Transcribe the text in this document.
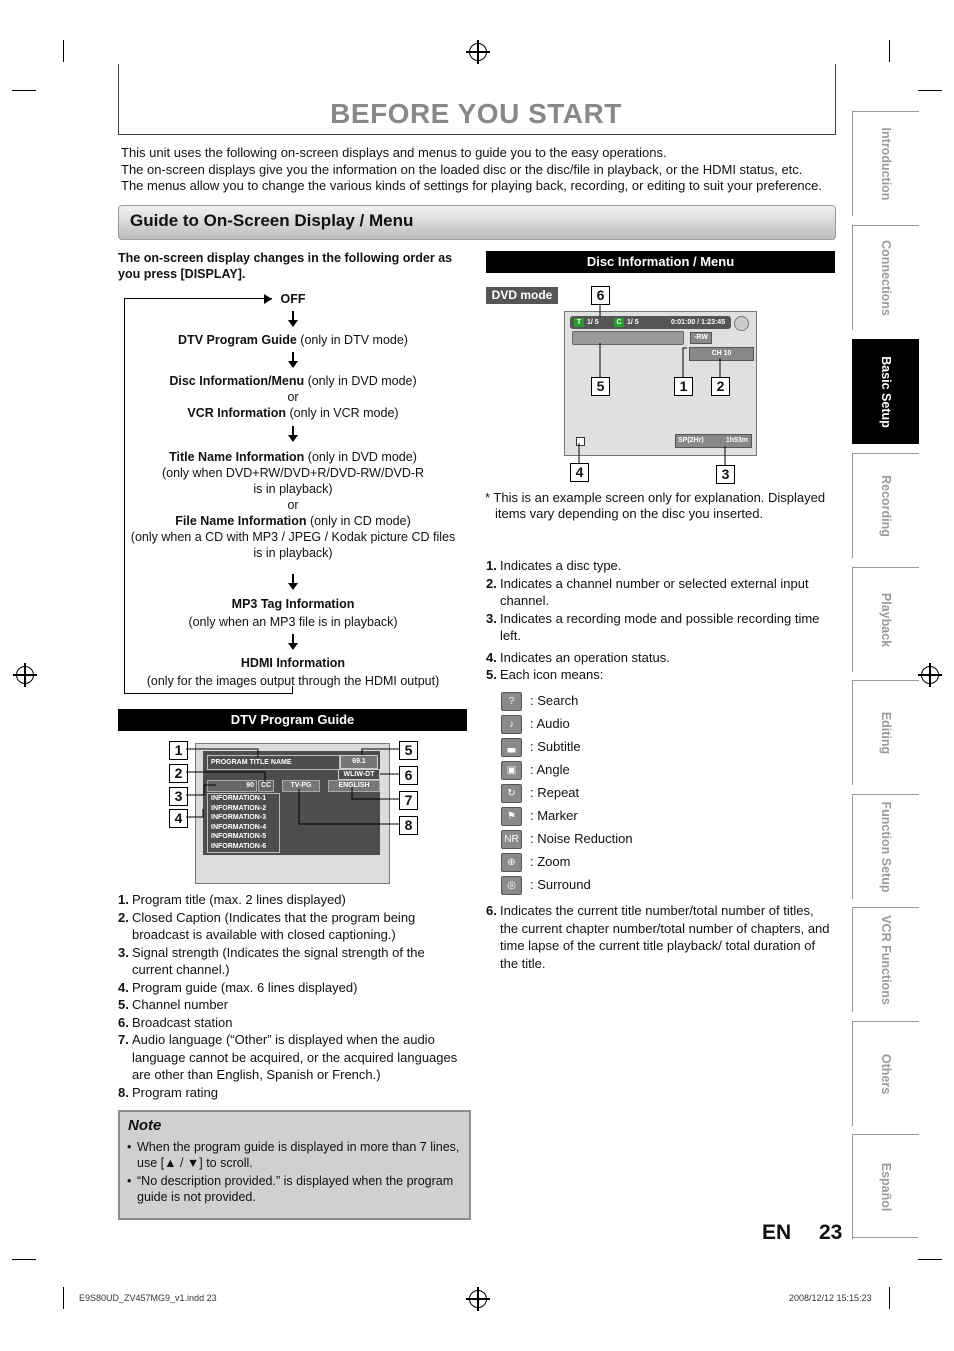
BEFORE YOU START
This unit uses the following on-screen displays and menus to guide you to the easy operations.
The on-screen displays give you the information on the loaded disc or the disc/file in playback, or the HDMI status, etc.
The menus allow you to change the various kinds of settings for playing back, recording, or editing to suit your preference.
Guide to On-Screen Display / Menu
The on-screen display changes in the following order as you press [DISPLAY].
OFF
DTV Program Guide (only in DTV mode)
Disc Information/Menu (only in DVD mode)
or
VCR Information (only in VCR mode)
Title Name Information (only in DVD mode)
(only when DVD+RW/DVD+R/DVD-RW/DVD-R
is in playback)
or
File Name Information (only in CD mode)
(only when a CD with MP3 / JPEG / Kodak picture CD files
is in playback)
MP3 Tag Information
(only when an MP3 file is in playback)
HDMI Information
(only for the images output through the HDMI output)
DTV Program Guide
PROGRAM TITLE NAME	69.1
WLIW-DT
90 CC	TV-PG	ENGLISH
INFORMATION-1
INFORMATION-2
INFORMATION-3
INFORMATION-4
INFORMATION-5
INFORMATION-6
1
2
3
4
5
6
7
8
1. Program title (max. 2 lines displayed)
2. Closed Caption (Indicates that the program being broadcast is available with closed captioning.)
3. Signal strength (Indicates the signal strength of the current channel.)
4. Program guide (max. 6 lines displayed)
5. Channel number
6. Broadcast station
7. Audio language (“Other” is displayed when the audio language cannot be acquired, or the acquired languages are other than English, Spanish or French.)
8. Program rating
Note
• When the program guide is displayed in more than 7 lines, use [▲ / ▼] to scroll.
• “No description provided.” is displayed when the program guide is not provided.
Disc Information / Menu
DVD mode
T 1/ 5	C 1/ 5	0:01:00 / 1:23:45
-RW
CH 10
SP(2Hr)	1h53m
6
5	1	2
4	3
* This is an example screen only for explanation. Displayed items vary depending on the disc you inserted.
1. Indicates a disc type.
2. Indicates a channel number or selected external input channel.
3. Indicates a recording mode and possible recording time left.
4. Indicates an operation status.
5. Each icon means:
? : Search
♪ : Audio
▃ : Subtitle
▣ : Angle
↻ : Repeat
⚑ : Marker
NR : Noise Reduction
⊕ : Zoom
◎ : Surround
6. Indicates the current title number/total number of titles, the current chapter number/total number of chapters, and time lapse of the current title playback/ total duration of the title.
Introduction
Connections
Basic Setup
Recording
Playback
Editing
Function Setup
VCR Functions
Others
Español
EN 23
E9S80UD_ZV457MG9_v1.indd 23	2008/12/12 15:15:23
